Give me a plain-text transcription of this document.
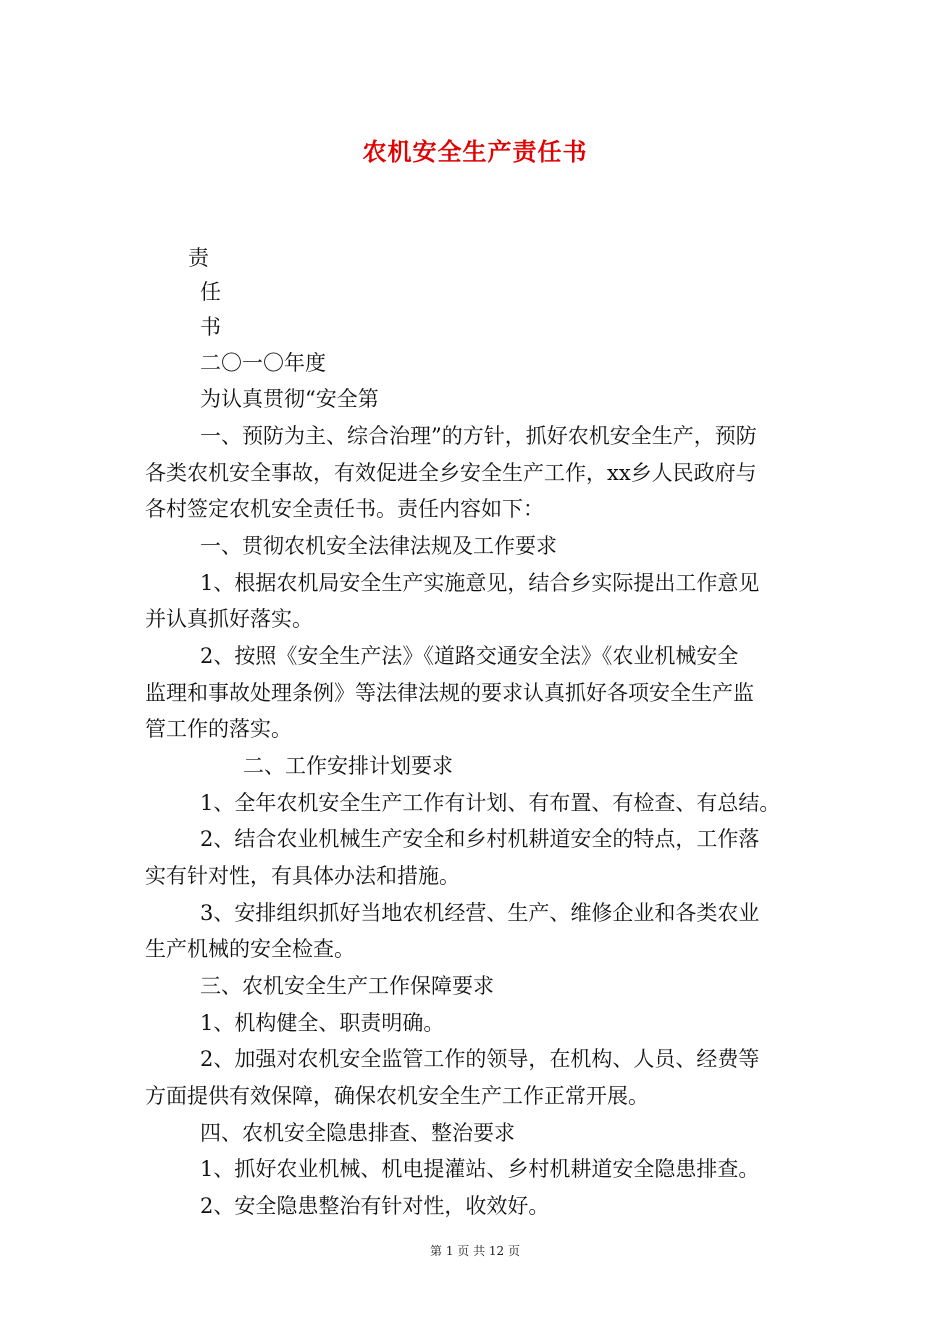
农机安全生产责任书
责
任
书
二〇一〇年度
为认真贯彻“安全第
一、预防为主、综合治理”的方针，抓好农机安全生产，预防
各类农机安全事故，有效促进全乡安全生产工作，xx乡人民政府与
各村签定农机安全责任书。责任内容如下：
一、贯彻农机安全法律法规及工作要求
1、根据农机局安全生产实施意见，结合乡实际提出工作意见
并认真抓好落实。
2、按照《安全生产法》《道路交通安全法》《农业机械安全
监理和事故处理条例》等法律法规的要求认真抓好各项安全生产监
管工作的落实。
二、工作安排计划要求
1、全年农机安全生产工作有计划、有布置、有检查、有总结。
2、结合农业机械生产安全和乡村机耕道安全的特点，工作落
实有针对性，有具体办法和措施。
3、安排组织抓好当地农机经营、生产、维修企业和各类农业
生产机械的安全检查。
三、农机安全生产工作保障要求
1、机构健全、职责明确。
2、加强对农机安全监管工作的领导，在机构、人员、经费等
方面提供有效保障，确保农机安全生产工作正常开展。
四、农机安全隐患排查、整治要求
1、抓好农业机械、机电提灌站、乡村机耕道安全隐患排查。
2、安全隐患整治有针对性，收效好。
第 1 页 共 12 页
